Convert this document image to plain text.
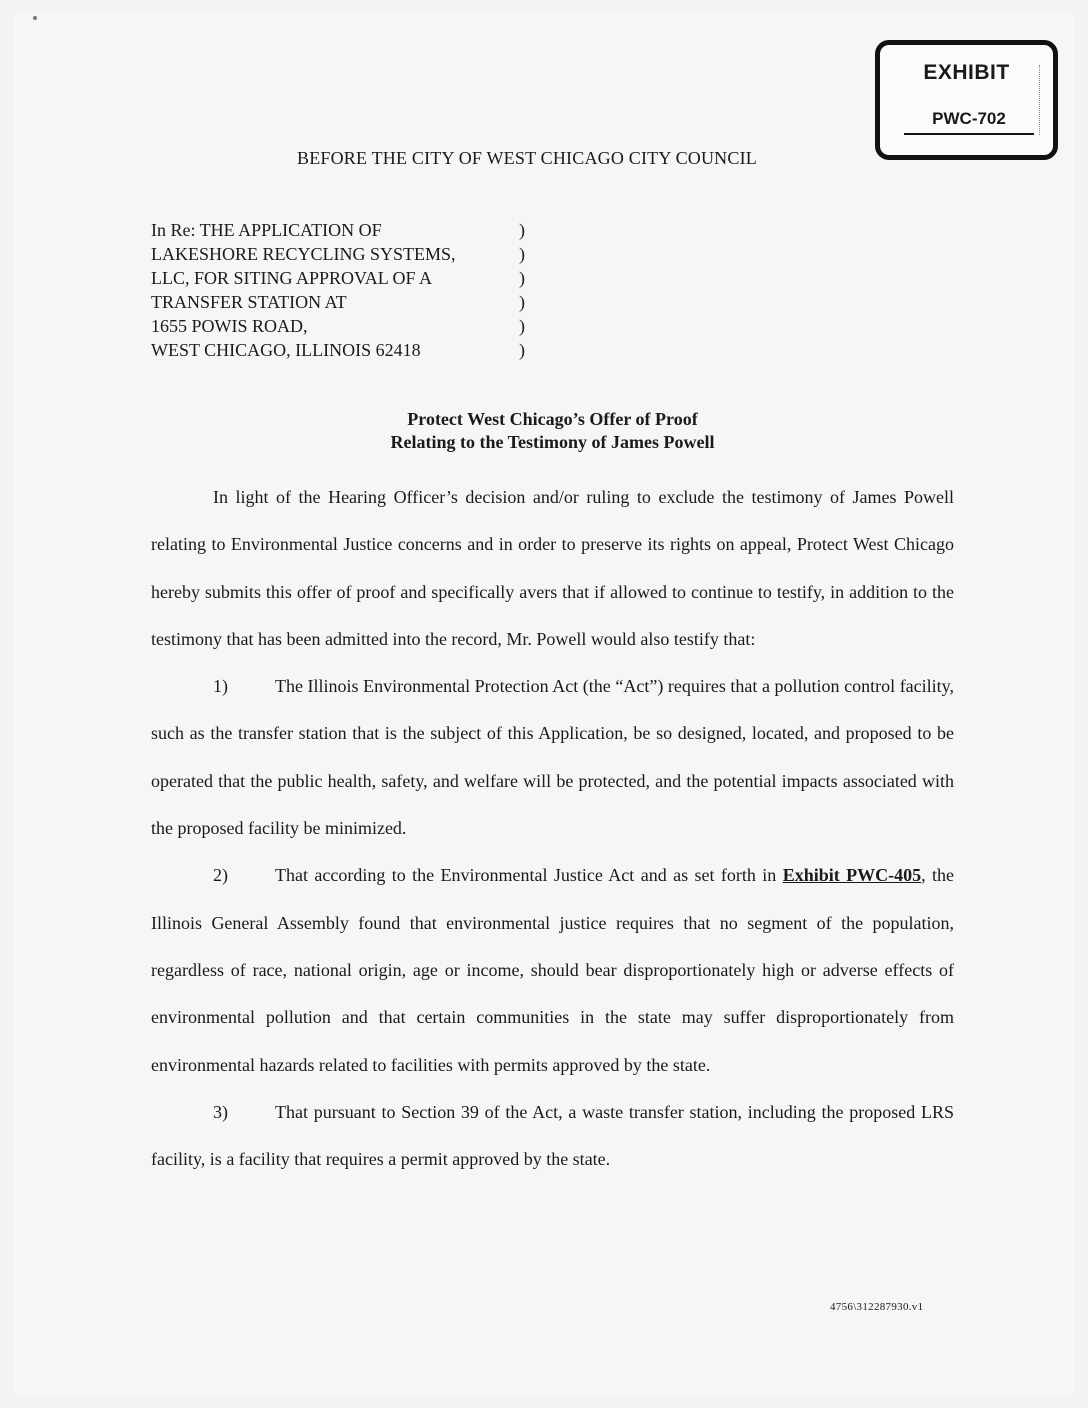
EXHIBIT
PWC-702
BEFORE THE CITY OF WEST CHICAGO CITY COUNCIL
In Re: THE APPLICATION OF	)
LAKESHORE RECYCLING SYSTEMS,	)
LLC, FOR SITING APPROVAL OF A	)
TRANSFER STATION AT	)
1655 POWIS ROAD,	)
WEST CHICAGO, ILLINOIS 62418	)
Protect West Chicago’s Offer of Proof
Relating to the Testimony of James Powell

In light of the Hearing Officer’s decision and/or ruling to exclude the testimony of James Powell relating to Environmental Justice concerns and in order to preserve its rights on appeal, Protect West Chicago hereby submits this offer of proof and specifically avers that if allowed to continue to testify, in addition to the testimony that has been admitted into the record, Mr. Powell would also testify that:

1)	The Illinois Environmental Protection Act (the “Act”) requires that a pollution control facility, such as the transfer station that is the subject of this Application, be so designed, located, and proposed to be operated that the public health, safety, and welfare will be protected, and the potential impacts associated with the proposed facility be minimized.

2)	That according to the Environmental Justice Act and as set forth in Exhibit PWC-405, the Illinois General Assembly found that environmental justice requires that no segment of the population, regardless of race, national origin, age or income, should bear disproportionately high or adverse effects of environmental pollution and that certain communities in the state may suffer disproportionately from environmental hazards related to facilities with permits approved by the state.

3)	That pursuant to Section 39 of the Act, a waste transfer station, including the proposed LRS facility, is a facility that requires a permit approved by the state.

4756\312287930.v1
